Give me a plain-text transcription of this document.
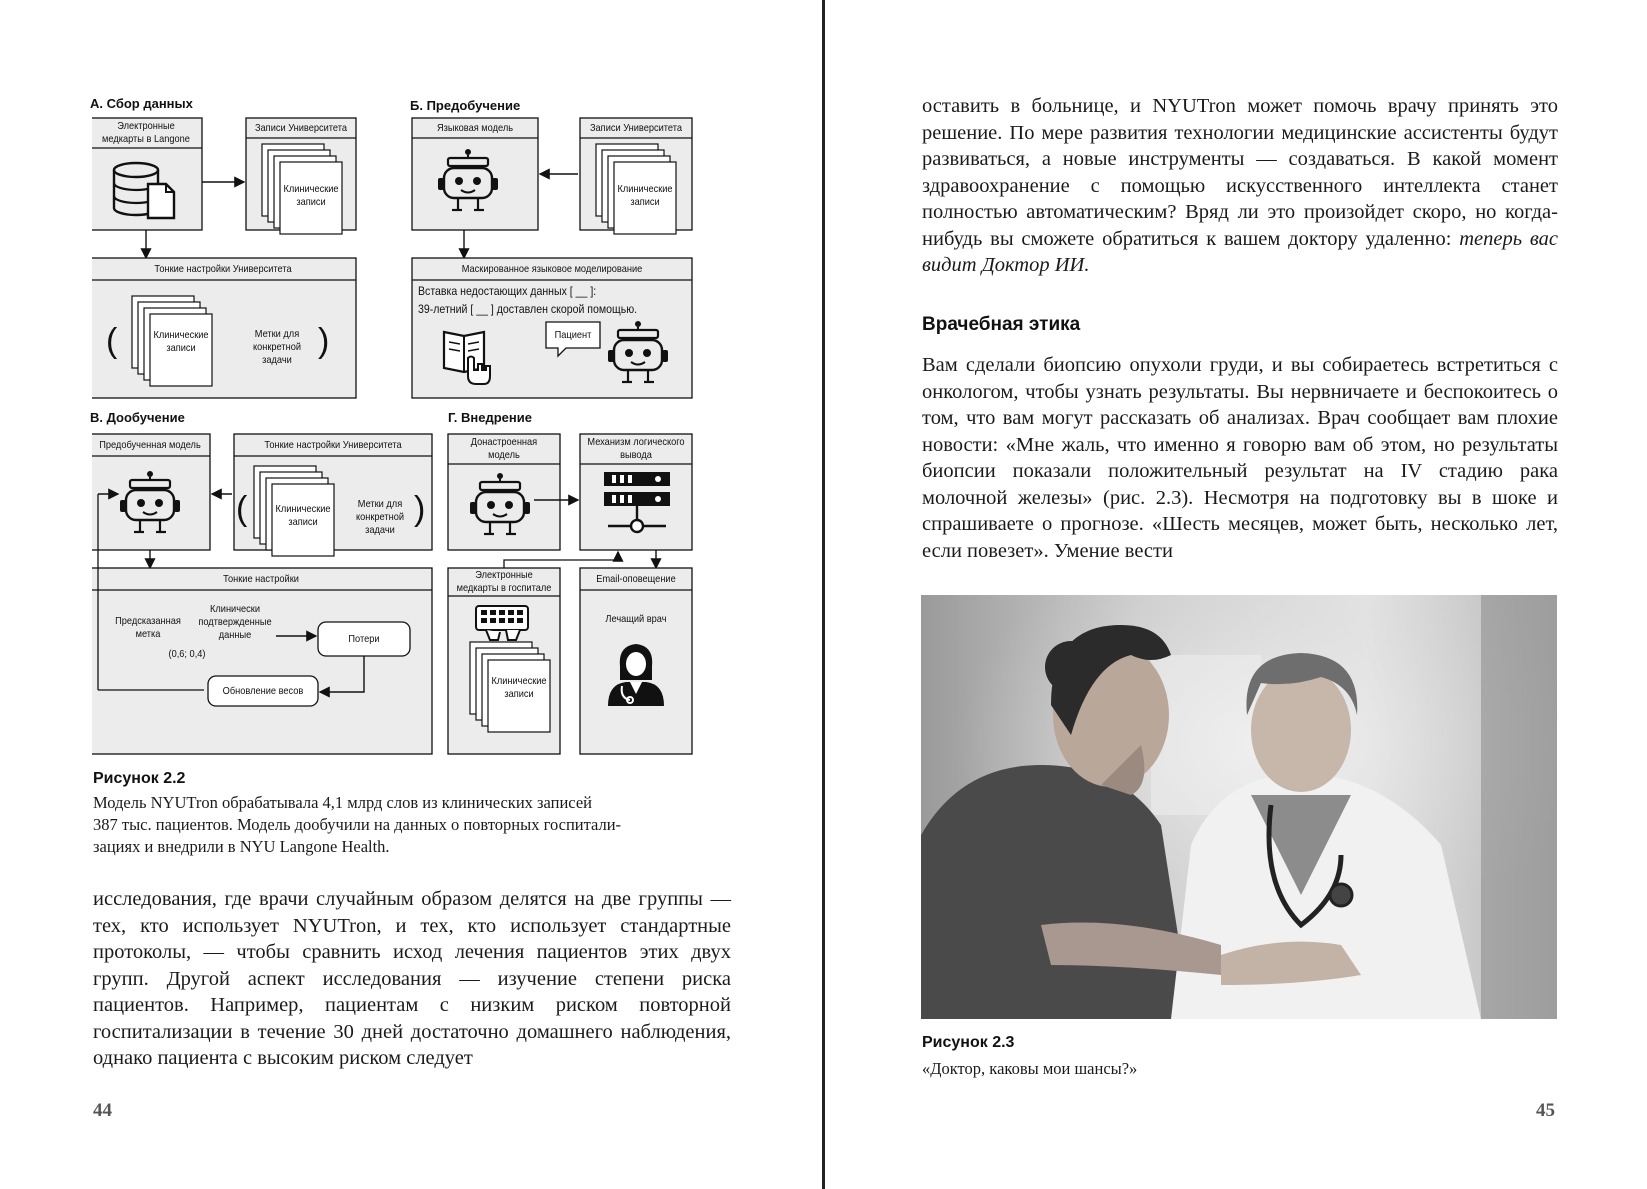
А. Сбор данных	Б. Предобучение
В. Дообучение	Г. Внедрение
Электронные медкарты в Langone
Записи Университета
Клинические записи
Тонкие настройки Университета
(	Клинические записи
Метки для конкретной задачи )
Языковая модель	Записи Университета
Клинические записи
Маскированное языковое моделирование
Вставка недостающих данных [ __ ]:
39-летний [ __ ] доставлен скорой помощью.
Пациент
Предобученная модель	Тонкие настройки Университета
(	Клинические записи
Метки для конкретной задачи
)
Тонкие настройки
Предсказанная метка
(0,6; 0,4)
Клинически подтвержденные данные	Потери
Обновление весов
Донастроенная модель
Механизм логического вывода
Электронные медкарты в госпитале
Email-оповещение
Лечащий врач
Клинические записи
Рисунок 2.2
Модель NYUTron обрабатывала 4,1 млрд слов из клинических записей
387 тыс. пациентов. Модель дообучили на данных о повторных госпитали-
зациях и внедрили в NYU Langone Health.

исследования, где врачи случайным образом делятся на две группы — тех, кто использует NYUTron, и тех, кто использует стандартные протоколы, — чтобы сравнить исход лечения пациентов этих двух групп. Другой аспект исследования — изучение степени риска пациентов. Например, пациентам с низким риском повторной госпитализации в течение 30 дней достаточно домашнего наблюдения, однако пациента с высоким риском следует

44

оставить в больнице, и NYUTron может помочь врачу принять это решение. По мере развития технологии медицинские ассистенты будут развиваться, а новые инструменты — создаваться. В какой момент здравоохранение с помощью искусственного интеллекта станет полностью автоматическим? Вряд ли это произойдет скоро, но когда-нибудь вы сможете обратиться к вашем доктору удаленно: теперь вас видит Доктор ИИ.

Врачебная этика

Вам сделали биопсию опухоли груди, и вы собираетесь встретиться с онкологом, чтобы узнать результаты. Вы нервничаете и беспокоитесь о том, что вам могут рассказать об анализах. Врач сообщает вам плохие новости: «Мне жаль, что именно я говорю вам об этом, но результаты биопсии показали положительный результат на IV стадию рака молочной железы» (рис. 2.3). Несмотря на подготовку вы в шоке и спрашиваете о прогнозе. «Шесть месяцев, может быть, несколько лет, если повезет». Умение вести

Рисунок 2.3
«Доктор, каковы мои шансы?»
45
